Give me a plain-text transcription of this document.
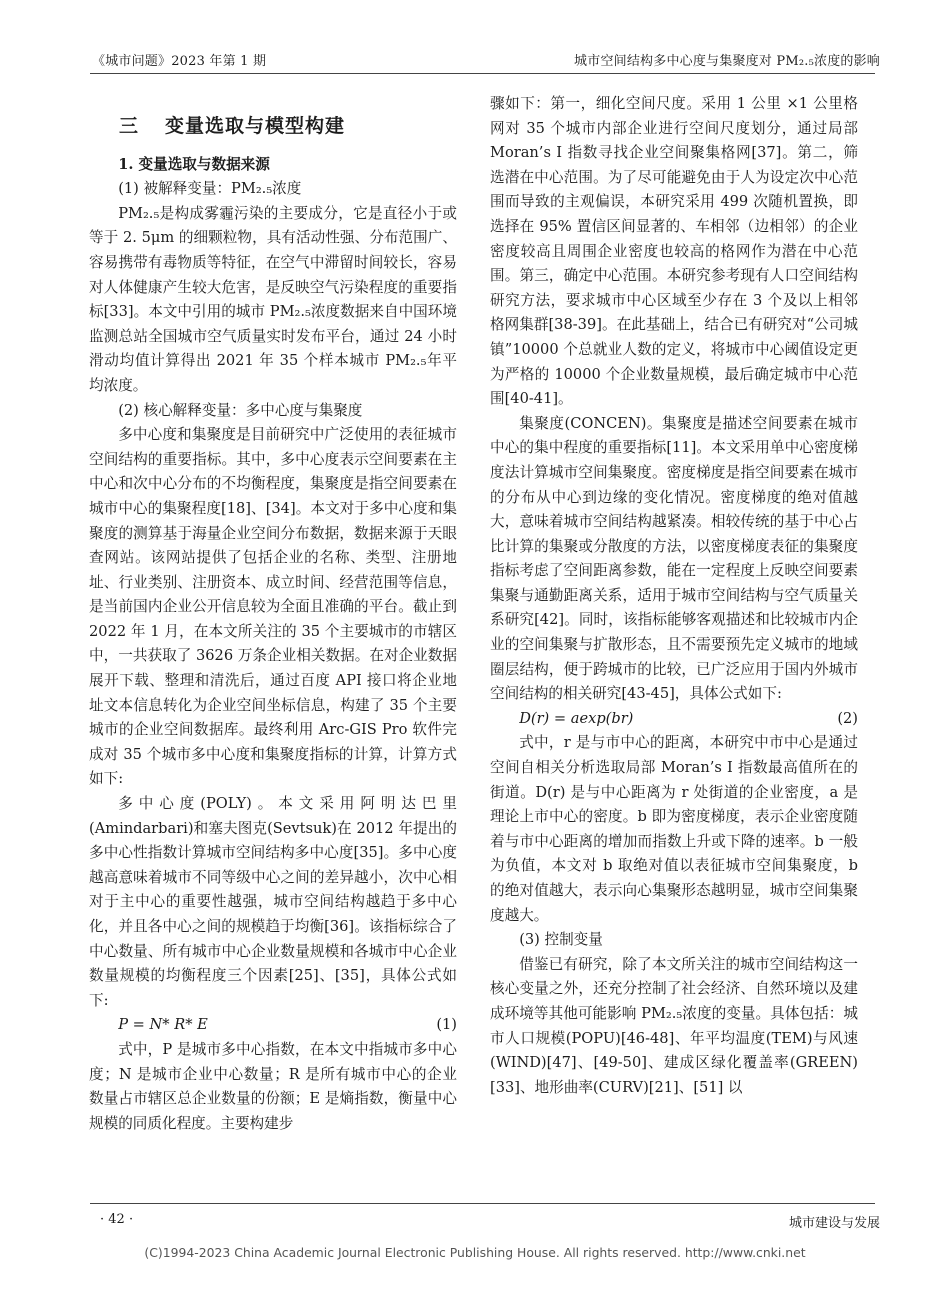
《城市问题》2023 年第 1 期	城市空间结构多中心度与集聚度对 PM₂.₅浓度的影响

三 变量选取与模型构建

1. 变量选取与数据来源

(1) 被解释变量：PM₂.₅浓度

PM₂.₅是构成雾霾污染的主要成分，它是直径小于或等于 2. 5μm 的细颗粒物，具有活动性强、分布范围广、容易携带有毒物质等特征，在空气中滞留时间较长，容易对人体健康产生较大危害，是反映空气污染程度的重要指标[33]。本文中引用的城市 PM₂.₅浓度数据来自中国环境监测总站全国城市空气质量实时发布平台，通过 24 小时滑动均值计算得出 2021 年 35 个样本城市 PM₂.₅年平均浓度。

(2) 核心解释变量：多中心度与集聚度

多中心度和集聚度是目前研究中广泛使用的表征城市空间结构的重要指标。其中，多中心度表示空间要素在主中心和次中心分布的不均衡程度，集聚度是指空间要素在城市中心的集聚程度[18]、[34]。本文对于多中心度和集聚度的测算基于海量企业空间分布数据，数据来源于天眼查网站。该网站提供了包括企业的名称、类型、注册地址、行业类别、注册资本、成立时间、经营范围等信息，是当前国内企业公开信息较为全面且准确的平台。截止到 2022 年 1 月，在本文所关注的 35 个主要城市的市辖区中，一共获取了 3626 万条企业相关数据。在对企业数据展开下载、整理和清洗后，通过百度 API 接口将企业地址文本信息转化为企业空间坐标信息，构建了 35 个主要城市的企业空间数据库。最终利用 Arc-GIS Pro 软件完成对 35 个城市多中心度和集聚度指标的计算，计算方式如下:

多中心度(POLY)。本文采用阿明达巴里(Amindarbari)和塞夫图克(Sevtsuk)在 2012 年提出的多中心性指数计算城市空间结构多中心度[35]。多中心度越高意味着城市不同等级中心之间的差异越小，次中心相对于主中心的重要性越强，城市空间结构越趋于多中心化，并且各中心之间的规模趋于均衡[36]。该指标综合了中心数量、所有城市中心企业数量规模和各城市中心企业数量规模的均衡程度三个因素[25]、[35]，具体公式如下:

P = N* R* E	(1)

式中，P 是城市多中心指数，在本文中指城市多中心度；N 是城市企业中心数量；R 是所有城市中心的企业数量占市辖区总企业数量的份额；E 是熵指数，衡量中心规模的同质化程度。主要构建步

骤如下：第一，细化空间尺度。采用 1 公里 ×1 公里格网对 35 个城市内部企业进行空间尺度划分，通过局部 Moran’s I 指数寻找企业空间聚集格网[37]。第二，筛选潜在中心范围。为了尽可能避免由于人为设定次中心范围而导致的主观偏误，本研究采用 499 次随机置换，即选择在 95% 置信区间显著的、车相邻（边相邻）的企业密度较高且周围企业密度也较高的格网作为潜在中心范围。第三，确定中心范围。本研究参考现有人口空间结构研究方法，要求城市中心区域至少存在 3 个及以上相邻格网集群[38-39]。在此基础上，结合已有研究对“公司城镇”10000 个总就业人数的定义，将城市中心阈值设定更为严格的 10000 个企业数量规模，最后确定城市中心范围[40-41]。

集聚度(CONCEN)。集聚度是描述空间要素在城市中心的集中程度的重要指标[11]。本文采用单中心密度梯度法计算城市空间集聚度。密度梯度是指空间要素在城市的分布从中心到边缘的变化情况。密度梯度的绝对值越大，意味着城市空间结构越紧凑。相较传统的基于中心占比计算的集聚或分散度的方法，以密度梯度表征的集聚度指标考虑了空间距离参数，能在一定程度上反映空间要素集聚与通勤距离关系，适用于城市空间结构与空气质量关系研究[42]。同时，该指标能够客观描述和比较城市内企业的空间集聚与扩散形态，且不需要预先定义城市的地域圈层结构，便于跨城市的比较，已广泛应用于国内外城市空间结构的相关研究[43-45]，具体公式如下:

D(r) = aexp(br)	(2)

式中，r 是与市中心的距离，本研究中市中心是通过空间自相关分析选取局部 Moran’s I 指数最高值所在的街道。D(r) 是与中心距离为 r 处街道的企业密度，a 是理论上市中心的密度。b 即为密度梯度，表示企业密度随着与市中心距离的增加而指数上升或下降的速率。b 一般为负值，本文对 b 取绝对值以表征城市空间集聚度，b 的绝对值越大，表示向心集聚形态越明显，城市空间集聚度越大。

(3) 控制变量

借鉴已有研究，除了本文所关注的城市空间结构这一核心变量之外，还充分控制了社会经济、自然环境以及建成环境等其他可能影响 PM₂.₅浓度的变量。具体包括：城市人口规模(POPU)[46-48]、年平均温度(TEM)与风速(WIND)[47]、[49-50]、建成区绿化覆盖率(GREEN)[33]、地形曲率(CURV)[21]、[51] 以

· 42 ·	城市建设与发展
(C)1994-2023 China Academic Journal Electronic Publishing House. All rights reserved. http://www.cnki.net
